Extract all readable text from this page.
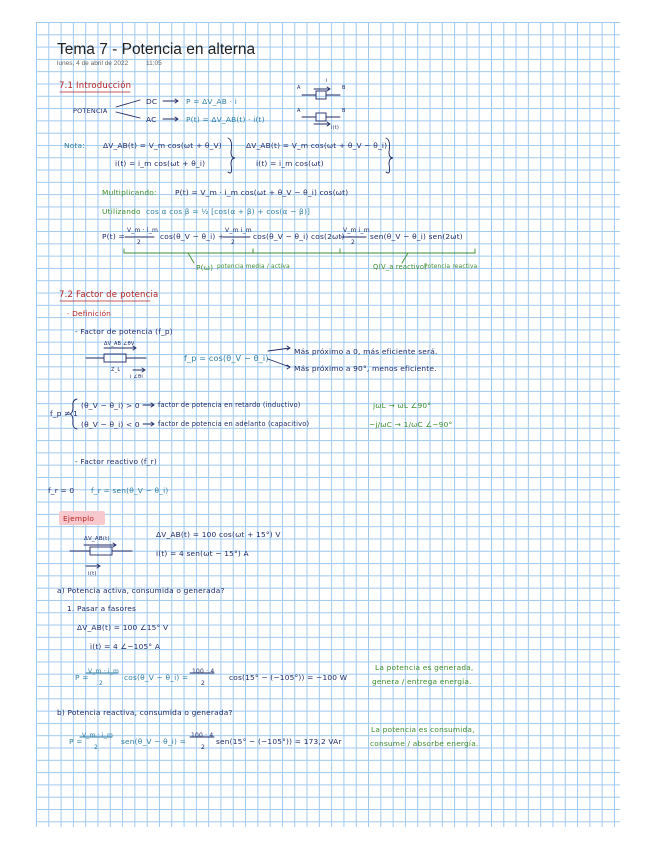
Tema 7 - Potencia en alterna
lunes, 4 de abril de 2022	11:05
7.1 Introducción
POTENCIA
DC	P = ΔV_AB · i
AC	P(t) = ΔV_AB(t) · i(t)
A	B
i
A	B
i(t)
Nota: ΔV_AB(t) = V_m cos(ωt + θ_V)
i(t) = i_m cos(ωt + θ_i)
ΔV_AB(t) = V_m cos(ωt + θ_V − θ_i)
i(t) = i_m cos(ωt)
Multiplicando: P(t) = V_m · i_m cos(ωt + θ_V − θ_i) cos(ωt)
Utilizando cos α cos β = ½ [cos(α + β) + cos(α − β)]
P(t) =
V_m · i_m
2
cos(θ_V − θ_i) +
V_m i_m
2
cos(θ_V − θ_i) cos(2ωt) −
V_m i_m
2
sen(θ_V − θ_i) sen(2ωt)
P(ω) potencia media / activa	Q(V_a reactivo)
Potencia reactiva
7.2 Factor de potencia
· Definición
- Factor de potencia (f_p)
f_p = cos(θ_V − θ_i)
Más próximo a 0, más eficiente será.
Más próximo a 90°, menos eficiente.
ΔV_AB ∠θV
Z_L
i ∠θi
f_p ≠ 1
(θ_V − θ_i) > 0	factor de potencia en retardo (inductivo)
(θ_V − θ_i) < 0	factor de potencia en adelanto (capacitivo)
jωL → ωL ∠90°
−j/ωC → 1/ωC ∠−90°
- Factor reactivo (f_r)
f_r = 0 f_r = sen(θ_V − θ_i)
Ejemplo
ΔV_AB(t)
i(t)
ΔV_AB(t) = 100 cos(ωt + 15°) V
i(t) = 4 sen(ωt − 15°) A
a) Potencia activa, consumida o generada?
1. Pasar a fasores
ΔV_AB(t) = 100 ∠15° V
i(t) = 4 ∠−105° A
P =
V_m · i_m
2
cos(θ_V − θ_i) =
100 · 4
2
cos(15° − (−105°)) = −100 W
La potencia es generada,
genera / entrega energía.
b) Potencia reactiva, consumida o generada?
P =
V_m · i_m
2
sen(θ_V − θ_i) =
100 · 4
2
sen(15° − (−105°)) = 173,2 VAr
La potencia es consumida,
consume / absorbe energía.
